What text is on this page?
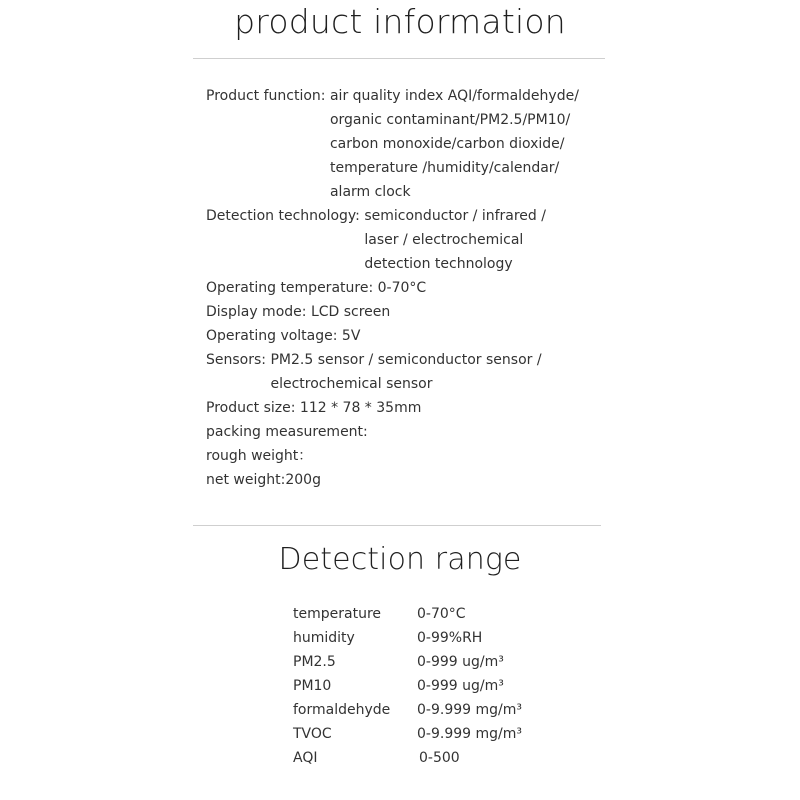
product information
Product function: air quality index AQI/formaldehyde/
organic contaminant/PM2.5/PM10/
carbon monoxide/carbon dioxide/
temperature /humidity/calendar/
alarm clock
Detection technology: semiconductor / infrared /
laser / electrochemical
detection technology
Operating temperature: 0-70°C
Display mode: LCD screen
Operating voltage: 5V
Sensors: PM2.5 sensor / semiconductor sensor /
electrochemical sensor
Product size: 112 * 78 * 35mm
packing measurement:
rough weight：
net weight:200g
Detection range
temperature	0-70°C
humidity	0-99%RH
PM2.5	0-999 ug/m³
PM10	0-999 ug/m³
formaldehyde 0-9.999 mg/m³
TVOC	0-9.999 mg/m³
AQI	0-500
